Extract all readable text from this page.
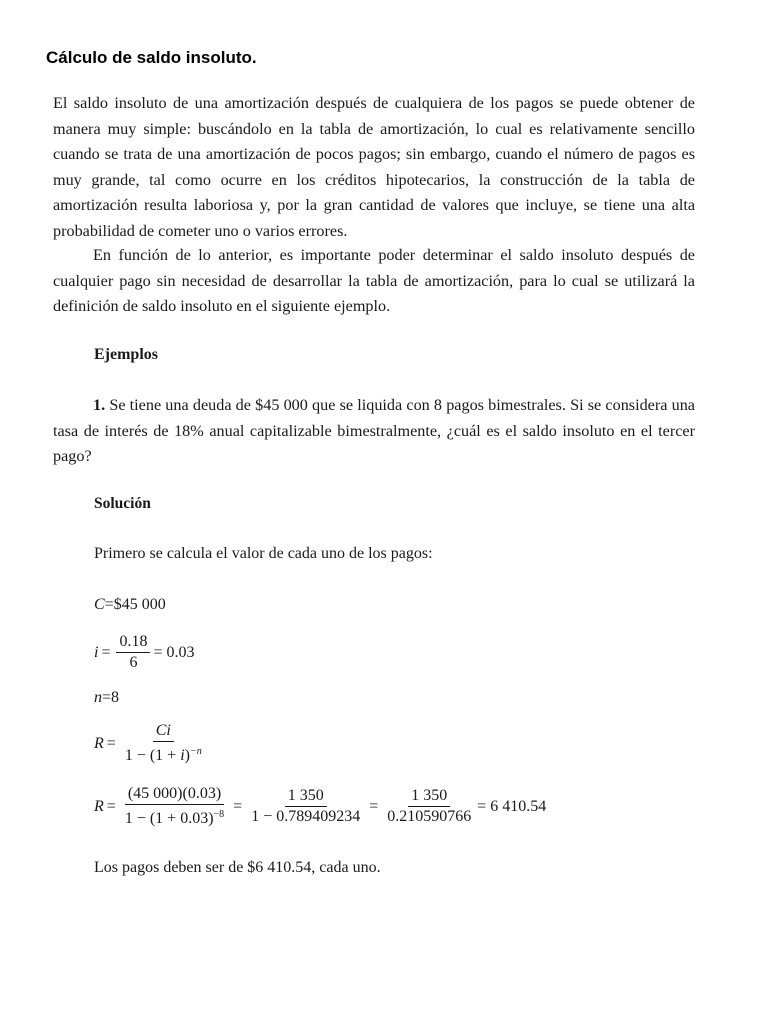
Cálculo de saldo insoluto.

El saldo insoluto de una amortización después de cualquiera de los pagos se puede obtener de manera muy simple: buscándolo en la tabla de amortización, lo cual es relativamente sencillo cuando se trata de una amortización de pocos pagos; sin embargo, cuando el número de pagos es muy grande, tal como ocurre en los créditos hipotecarios, la construcción de la tabla de amortización resulta laboriosa y, por la gran cantidad de valores que incluye, se tiene una alta probabilidad de cometer uno o varios errores.

En función de lo anterior, es importante poder determinar el saldo insoluto después de cualquier pago sin necesidad de desarrollar la tabla de amortización, para lo cual se utilizará la definición de saldo insoluto en el siguiente ejemplo.

Ejemplos

1. Se tiene una deuda de $45 000 que se liquida con 8 pagos bimestrales. Si se considera una tasa de interés de 18% anual capitalizable bimestralmente, ¿cuál es el saldo insoluto en el tercer pago?

Solución

Primero se calcula el valor de cada uno de los pagos:

C =$45 000
$i = \frac{0.18}{6} = 0.03$
n =8
$R = \frac{Ci}{1 - (1 + i)^{-n}}$
$R = \frac{(45 000)(0.03)}{1 - (1 + 0.03)^{-8}} = \frac{1 350}{1 - 0.789409234} = \frac{1 350}{0.210590766} = 6$ 410.54

Los pagos deben ser de $6 410.54, cada uno.
